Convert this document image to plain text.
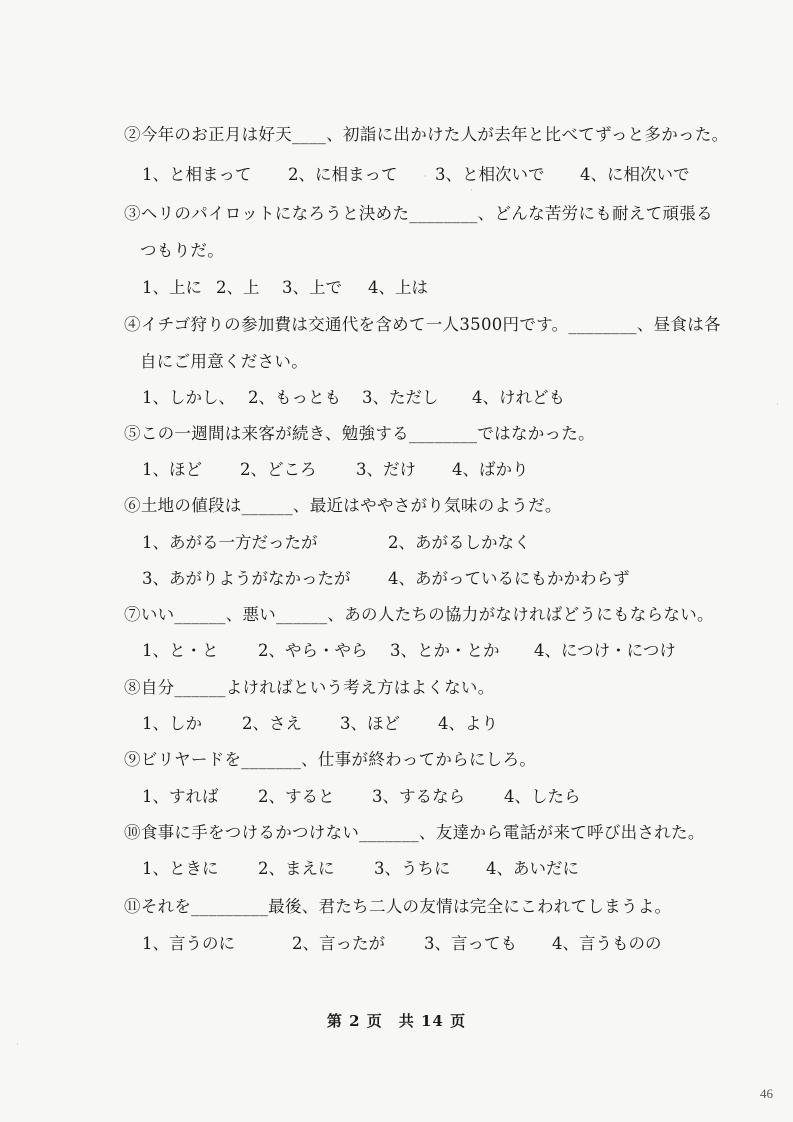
②今年のお正月は好天____、初詣に出かけた人が去年と比べてずっと多かった。
1、と相まって 2、に相まって 3、と相次いで 4、に相次いで
③ヘリのパイロットになろうと決めた________、どんな苦労にも耐えて頑張る
つもりだ。
1、上に 2、上 3、上で 4、上は
④イチゴ狩りの参加費は交通代を含めて一人3500円です。________、昼食は各
自にご用意ください。
1、しかし、 2、もっとも 3、ただし 4、けれども
⑤この一週間は来客が続き、勉強する________ではなかった。
1、ほど 2、どころ 3、だけ 4、ばかり
⑥土地の値段は______、最近はややさがり気味のようだ。
1、あがる一方だったが	2、あがるしかなく
3、あがりようがなかったが 4、あがっているにもかかわらず
⑦いい______、悪い______、あの人たちの協力がなければどうにもならない。
1、と・と 2、やら・やら 3、とか・とか 4、につけ・につけ
⑧自分______よければという考え方はよくない。
1、しか 2、さえ 3、ほど 4、より
⑨ビリヤードを_______、仕事が終わってからにしろ。
1、すれば 2、すると 3、するなら 4、したら
⑩食事に手をつけるかつけない_______、友達から電話が来て呼び出された。
1、ときに 2、まえに 3、うちに 4、あいだに
⑪それを_________最後、君たち二人の友情は完全にこわれてしまうよ。
1、言うのに	2、言ったが 3、言っても 4、言うものの
第 2 页　共 14 页
46
·
·
·
·
